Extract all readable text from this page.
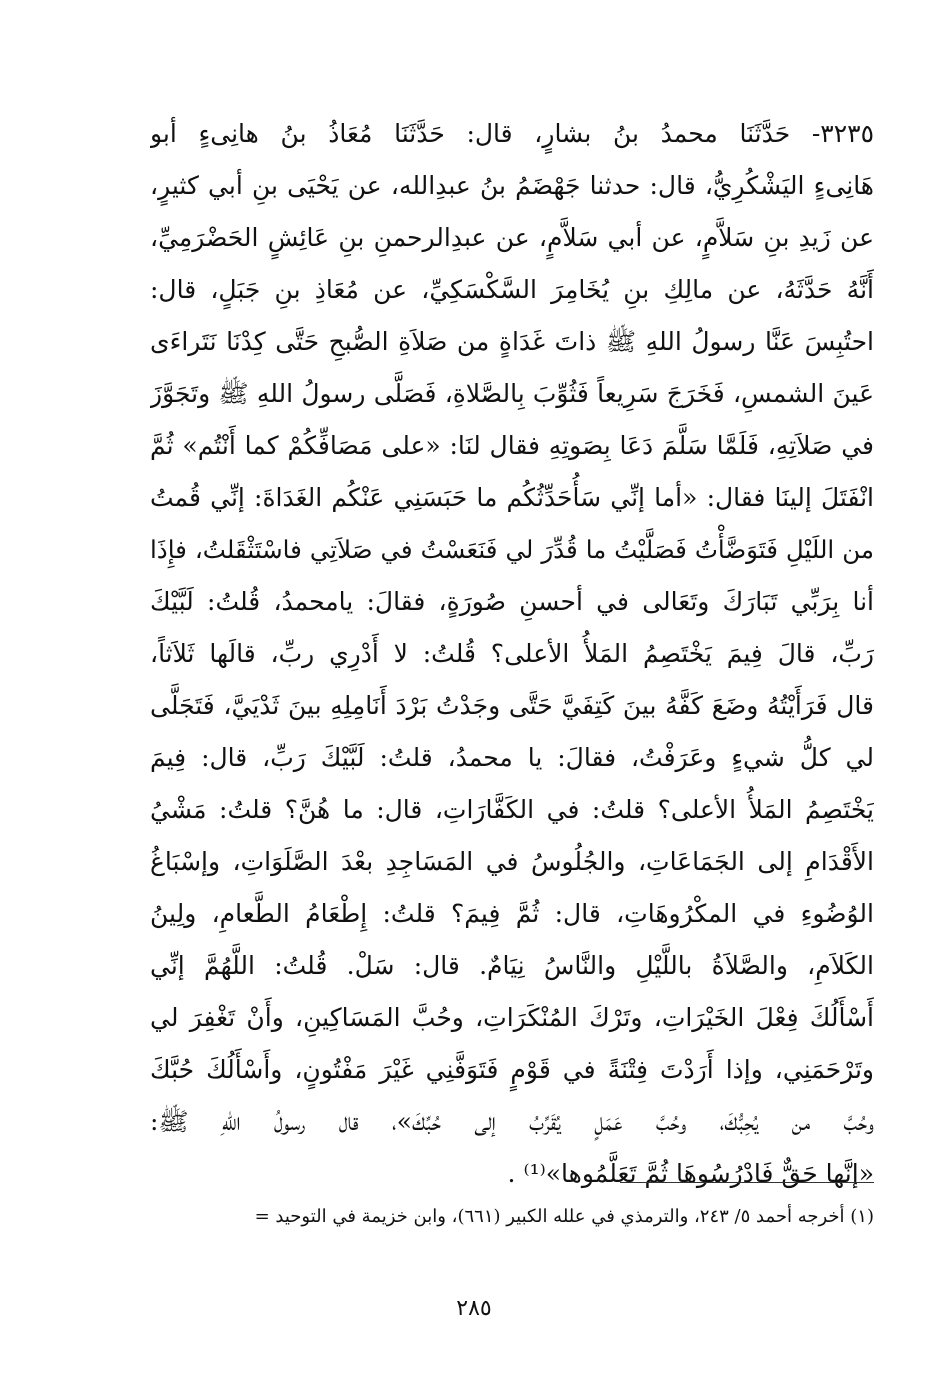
٣٢٣٥- حَدَّثَنَا محمدُ بنُ بشارٍ، قال: حَدَّثَنَا مُعَاذُ بنُ هانِىءٍ أبو
هَانِىءٍ اليَشْكُرِيُّ، قال: حدثنا جَهْضَمُ بنُ عبدِالله، عن يَحْيَى بنِ أبي كثيرٍ،
عن زَيدِ بنِ سَلاَّمٍ، عن أبي سَلاَّمٍ، عن عبدِالرحمنِ بنِ عَائِشٍ الحَضْرَمِيِّ،
أَنَّهُ حَدَّثَهُ، عن مالِكِ بنِ يُخَامِرَ السَّكْسَكِيِّ، عن مُعَاذِ بنِ جَبَلٍ، قال:
احتُبِسَ عَنَّا رسولُ اللهِ ﷺ ذاتَ غَدَاةٍ من صَلاَةِ الصُّبحِ حَتَّى كِدْنَا نَتَراءَى
عَينَ الشمسِ، فَخَرَجَ سَرِيعاً فَثُوِّبَ بِالصَّلاةِ، فَصَلَّى رسولُ اللهِ ﷺ وتَجَوَّزَ
في صَلاَتِهِ، فَلَمَّا سَلَّمَ دَعَا بِصَوتِهِ فقال لنَا: «على مَصَافِّكُمْ كما أَنْتُم» ثُمَّ
انْفَتَلَ إلينَا فقال: «أما إنِّي سَأُحَدِّثُكُم ما حَبَسَنِي عَنْكُم الغَدَاةَ: إنِّي قُمتُ
من اللَيْلِ فَتَوَضَّأْتُ فَصَلَّيْتُ ما قُدِّرَ لي فَنَعَسْتُ في صَلاَتِي فاسْتَثْقَلتُ، فإِذَا
أنا بِرَبِّي تَبَارَكَ وتَعَالى في أحسنِ صُورَةٍ، فقالَ: يامحمدُ، قُلتُ: لَبَّيْكَ
رَبِّ، قالَ فِيمَ يَخْتَصِمُ المَلأُ الأعلى؟ قُلتُ: لا أَدْرِي ربِّ، قالَها ثَلاَثاً،
قال فَرَأَيْتُهُ وضَعَ كَفَّهُ بينَ كَتِفَيَّ حَتَّى وجَدْتُ بَرْدَ أَنَامِلِهِ بينَ ثَدْيَيَّ، فَتَجَلَّى
لي كلُّ شيءٍ وعَرَفْتُ، فقالَ: يا محمدُ، قلتُ: لَبَّيْكَ رَبِّ، قال: فِيمَ
يَخْتَصِمُ المَلأُ الأعلى؟ قلتُ: في الكَفَّارَاتِ، قال: ما هُنَّ؟ قلتُ: مَشْيُ
الأَقْدَامِ إلى الجَمَاعَاتِ، والجُلُوسُ في المَسَاجِدِ بعْدَ الصَّلَوَاتِ، وإسْبَاغُ
الوُضُوءِ في المكْرُوهَاتِ، قال: ثُمَّ فِيمَ؟ قلتُ: إِطْعَامُ الطَّعامِ، ولِينُ
الكَلاَمِ، والصَّلاَةُ باللَّيْلِ والنَّاسُ نِيَامٌ. قال: سَلْ. قُلتُ: اللَّهُمَّ إنِّي
أَسْأَلُكَ فِعْلَ الخَيْرَاتِ، وتَرْكَ المُنْكَرَاتِ، وحُبَّ المَسَاكِينِ، وأَنْ تَغْفِرَ لي
وتَرْحَمَنِي، وإذا أَرَدْتَ فِتْنَةً في قَوْمٍ فَتَوَفَّنِي غَيْرَ مَفْتُونٍ، وأَسْأَلُكَ حُبَّكَ
وحُبَّ من يُحِبُّكَ، وحُبَّ عَمَلٍ يُقَرِّبُ إلى حُبِّكَ»، قال رسولُ اللهِ ﷺ:
«إنَّها حَقٌّ فَادْرُسُوهَا ثُمَّ تَعَلَّمُوها»⁽¹⁾ .
(١) أخرجه أحمد ٥/ ٢٤٣، والترمذي في علله الكبير (٦٦١)، وابن خزيمة في التوحيد =
٢٨٥
